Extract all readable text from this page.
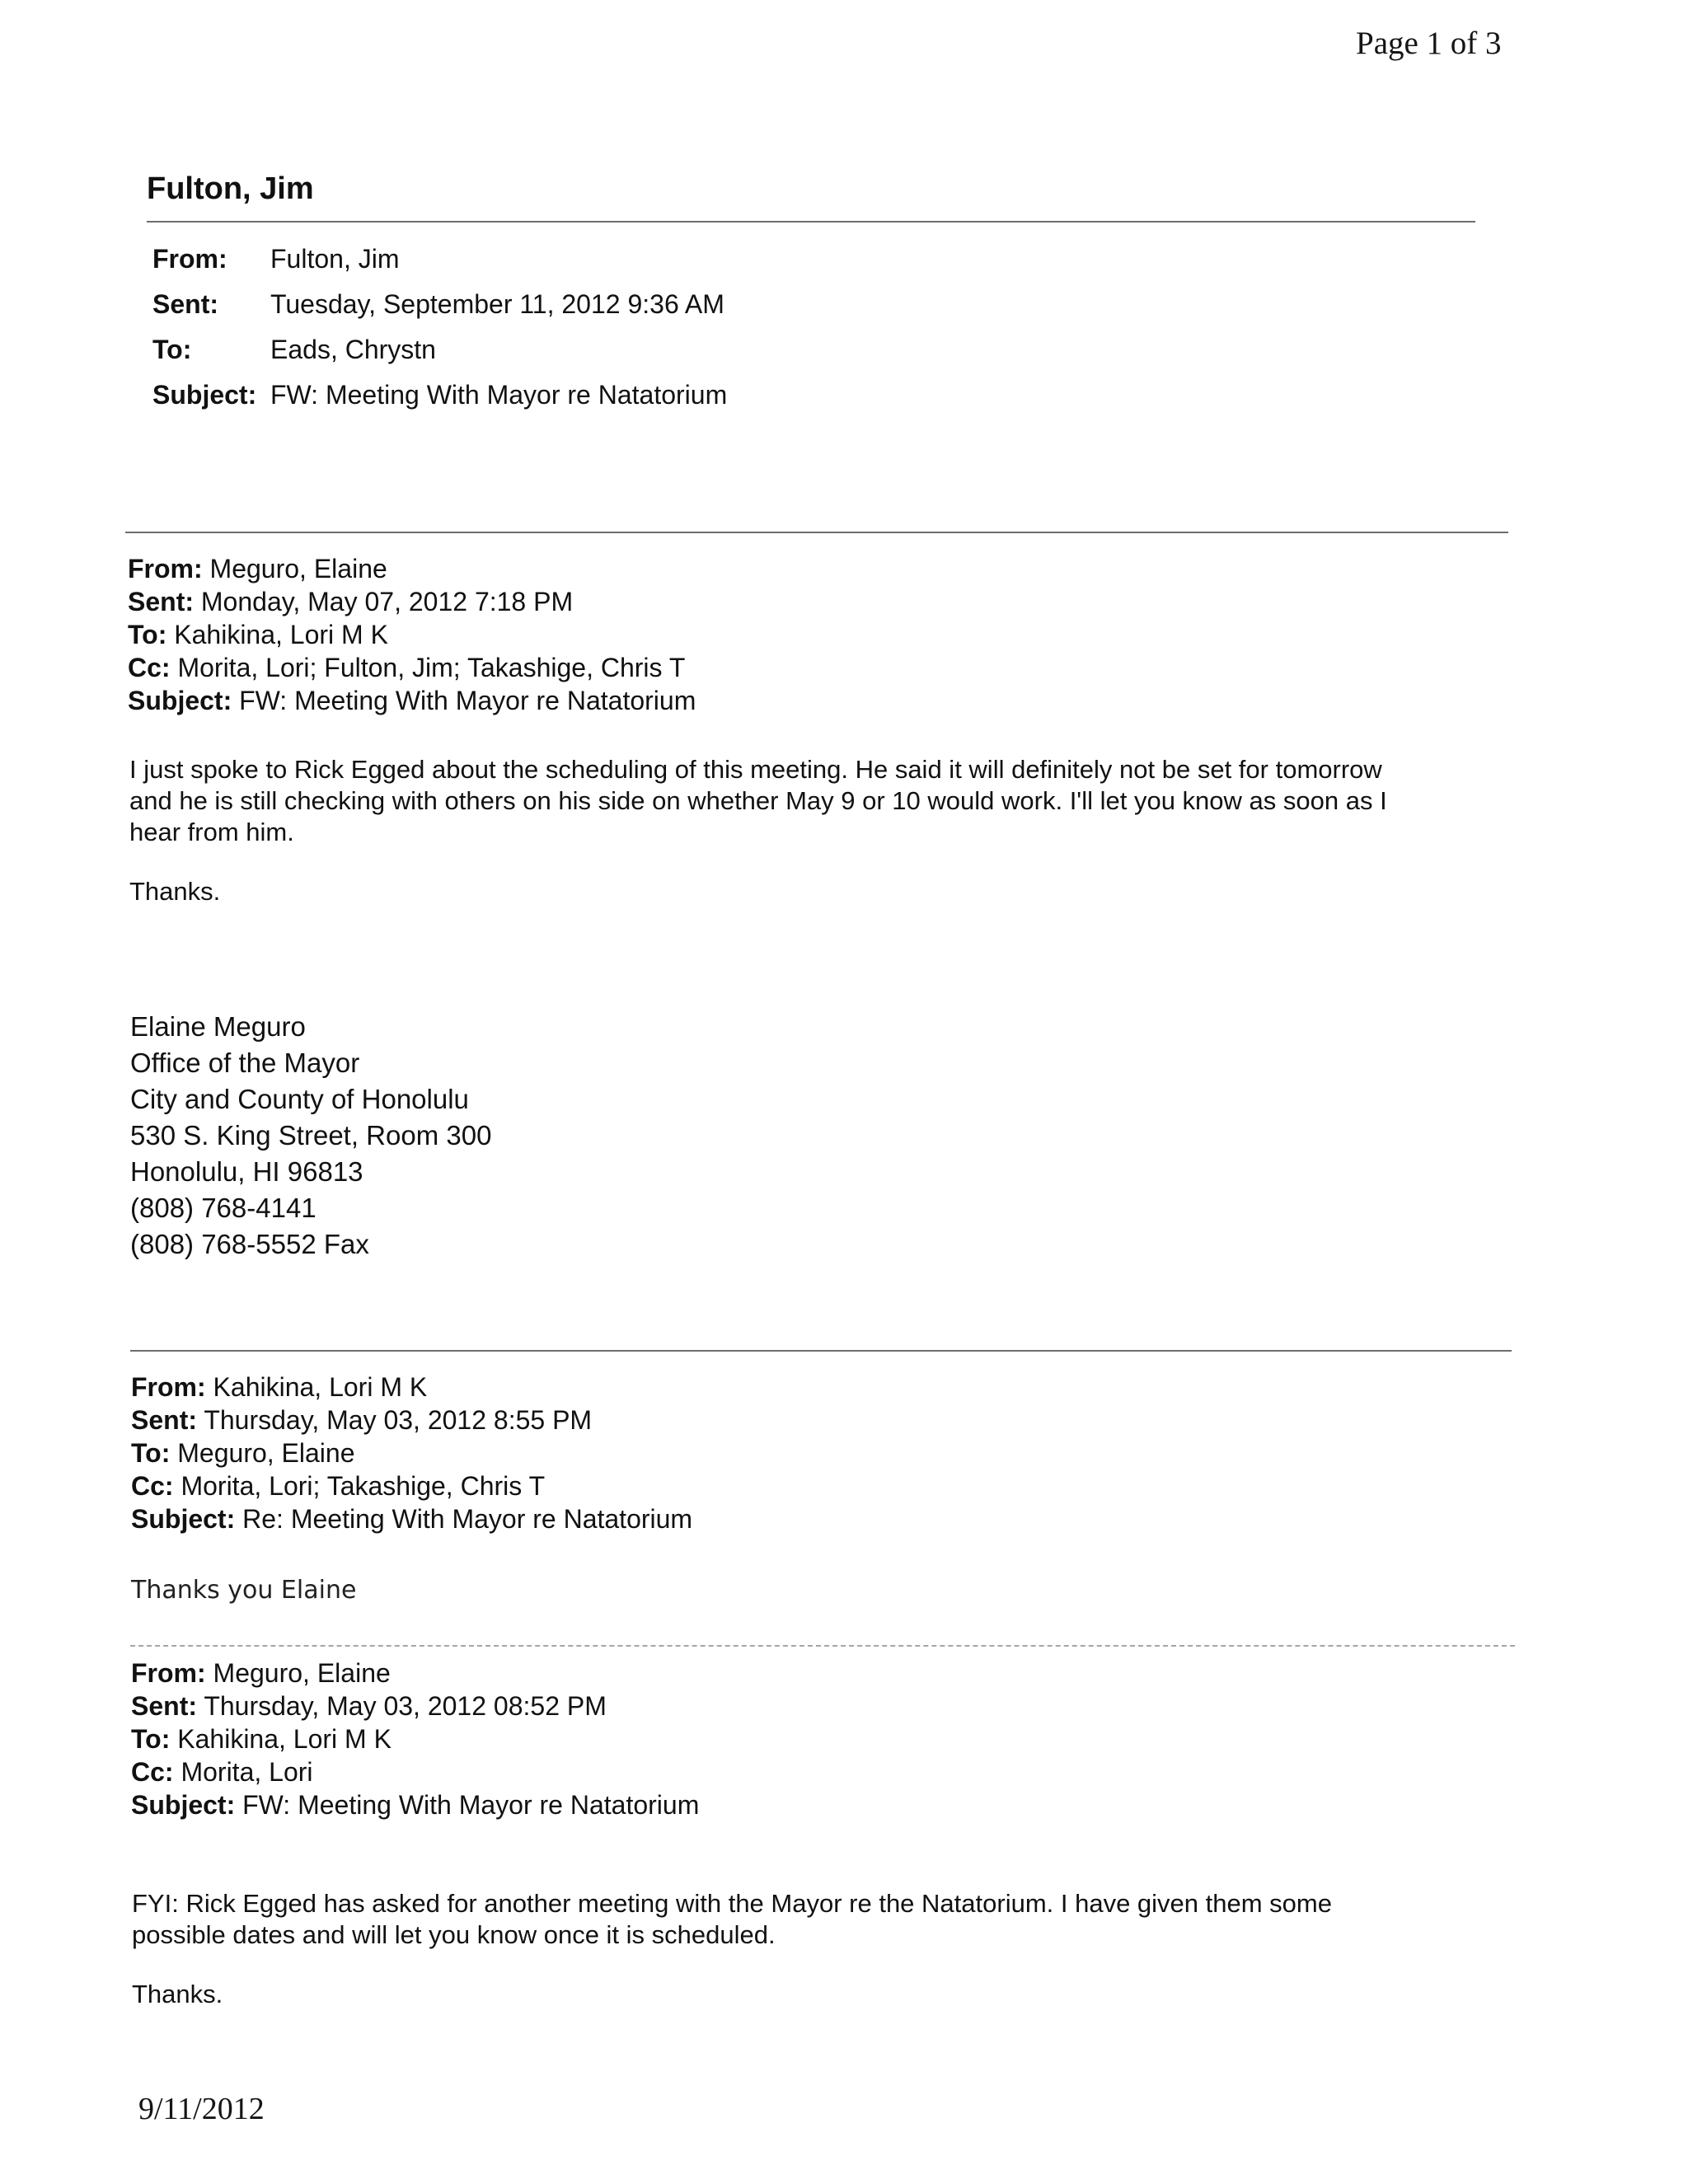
Page 1 of 3
Fulton, Jim
From: Fulton, Jim
Sent: Tuesday, September 11, 2012 9:36 AM
To:	Eads, Chrystn
Subject: FW: Meeting With Mayor re Natatorium
From: Meguro, Elaine
Sent: Monday, May 07, 2012 7:18 PM
To: Kahikina, Lori M K
Cc: Morita, Lori; Fulton, Jim; Takashige, Chris T
Subject: FW: Meeting With Mayor re Natatorium

I just spoke to Rick Egged about the scheduling of this meeting. He said it will definitely not be set for tomorrow
and he is still checking with others on his side on whether May 9 or 10 would work. I'll let you know as soon as I
hear from him.

Thanks.

Elaine Meguro
Office of the Mayor
City and County of Honolulu
530 S. King Street, Room 300
Honolulu, HI 96813
(808) 768-4141
(808) 768-5552 Fax
From: Kahikina, Lori M K
Sent: Thursday, May 03, 2012 8:55 PM
To: Meguro, Elaine
Cc: Morita, Lori; Takashige, Chris T
Subject: Re: Meeting With Mayor re Natatorium
Thanks you Elaine
From: Meguro, Elaine
Sent: Thursday, May 03, 2012 08:52 PM
To: Kahikina, Lori M K
Cc: Morita, Lori
Subject: FW: Meeting With Mayor re Natatorium

FYI: Rick Egged has asked for another meeting with the Mayor re the Natatorium. I have given them some
possible dates and will let you know once it is scheduled.

Thanks.

9/11/2012
